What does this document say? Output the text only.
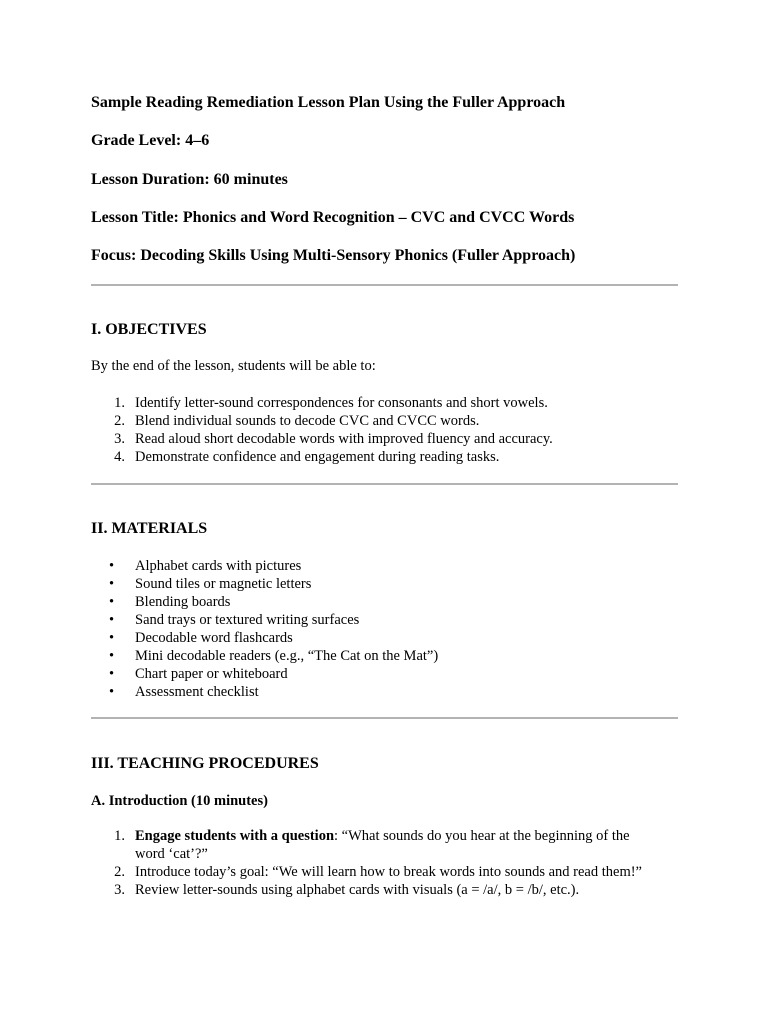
Sample Reading Remediation Lesson Plan Using the Fuller Approach

Grade Level: 4–6

Lesson Duration: 60 minutes

Lesson Title: Phonics and Word Recognition – CVC and CVCC Words

Focus: Decoding Skills Using Multi-Sensory Phonics (Fuller Approach)

I. OBJECTIVES

By the end of the lesson, students will be able to:

1. Identify letter-sound correspondences for consonants and short vowels.
2. Blend individual sounds to decode CVC and CVCC words.
3. Read aloud short decodable words with improved fluency and accuracy.
4. Demonstrate confidence and engagement during reading tasks.

II. MATERIALS

• Alphabet cards with pictures
• Sound tiles or magnetic letters
• Blending boards
• Sand trays or textured writing surfaces
• Decodable word flashcards
• Mini decodable readers (e.g., “The Cat on the Mat”)
• Chart paper or whiteboard
• Assessment checklist

III. TEACHING PROCEDURES

A. Introduction (10 minutes)

1. Engage students with a question: “What sounds do you hear at the beginning of the
word ‘cat’?”
2. Introduce today’s goal: “We will learn how to break words into sounds and read them!”
3. Review letter-sounds using alphabet cards with visuals (a = /a/, b = /b/, etc.).
